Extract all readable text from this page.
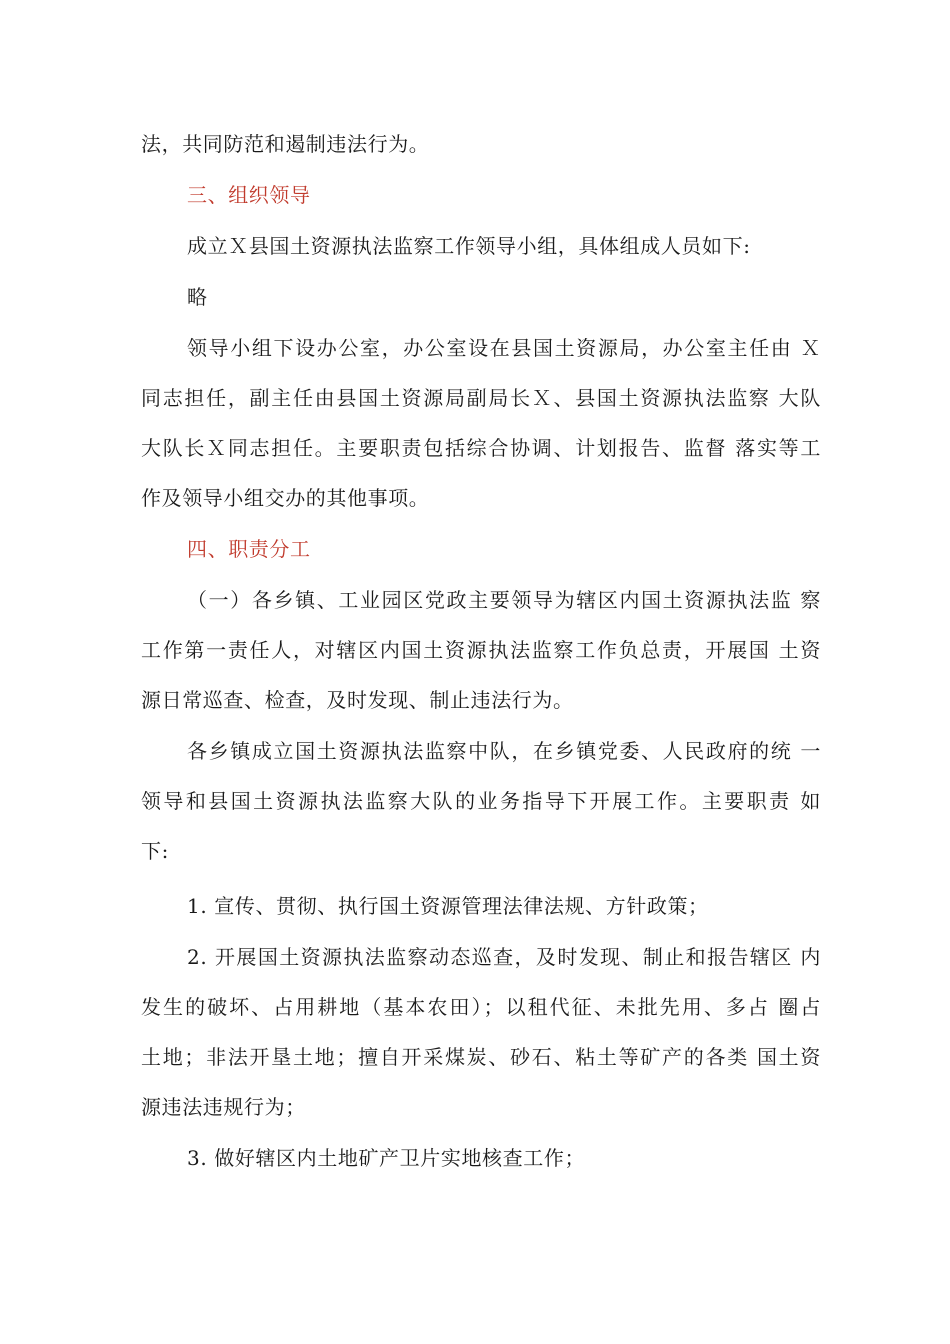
法，共同防范和遏制违法行为。
三、组织领导
成立Ｘ县国土资源执法监察工作领导小组，具体组成人员如下:
略
领导小组下设办公室，办公室设在县国土资源局，办公室主任由 Ｘ
同志担任，副主任由县国土资源局副局长Ｘ、县国土资源执法监察 大队
大队长Ｘ同志担任。主要职责包括综合协调、计划报告、监督 落实等工
作及领导小组交办的其他事项。
四、职责分工
（一）各乡镇、工业园区党政主要领导为辖区内国土资源执法监 察
工作第一责任人，对辖区内国土资源执法监察工作负总责，开展国 土资
源日常巡查、检查，及时发现、制止违法行为。
各乡镇成立国土资源执法监察中队，在乡镇党委、人民政府的统 一
领导和县国土资源执法监察大队的业务指导下开展工作。主要职责 如
下:
1. 宣传、贯彻、执行国土资源管理法律法规、方针政策；
2. 开展国土资源执法监察动态巡查，及时发现、制止和报告辖区 内
发生的破坏、占用耕地（基本农田）；以租代征、未批先用、多占 圈占
土地；非法开垦土地；擅自开采煤炭、砂石、粘土等矿产的各类 国土资
源违法违规行为；
3. 做好辖区内土地矿产卫片实地核查工作；
